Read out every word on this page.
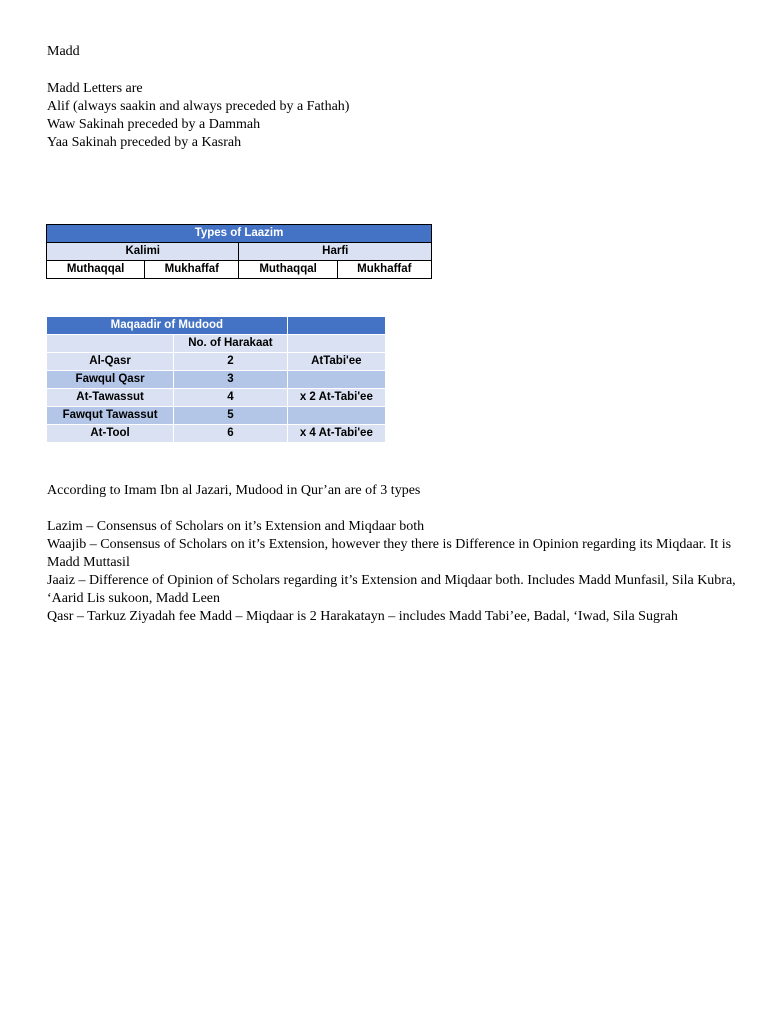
Madd
Madd Letters are
Alif (always saakin and always preceded by a Fathah)
Waw Sakinah preceded by a Dammah
Yaa Sakinah preceded by a Kasrah
Types of Laazim			
Kalimi		Harfi	
Muthaqqal	Mukhaffaf	Muthaqqal	Mukhaffaf
Maqaadir of Mudood		
	No. of Harakaat	
Al-Qasr	2	AtTabi'ee
Fawqul Qasr	3	
At-Tawassut	4	x 2 At-Tabi'ee
Fawqut Tawassut	5	
At-Tool	6	x 4 At-Tabi'ee
According to Imam Ibn al Jazari, Mudood in Qur’an are of 3 types
Lazim – Consensus of Scholars on it’s Extension and Miqdaar both
Waajib – Consensus of Scholars on it’s Extension, however they there is Difference in Opinion regarding its Miqdaar. It is Madd Muttasil
Jaaiz – Difference of Opinion of Scholars regarding it’s Extension and Miqdaar both. Includes Madd Munfasil, Sila Kubra, ‘Aarid Lis sukoon, Madd Leen
Qasr – Tarkuz Ziyadah fee Madd – Miqdaar is 2 Harakatayn – includes Madd Tabi’ee, Badal, ‘Iwad, Sila Sugrah
